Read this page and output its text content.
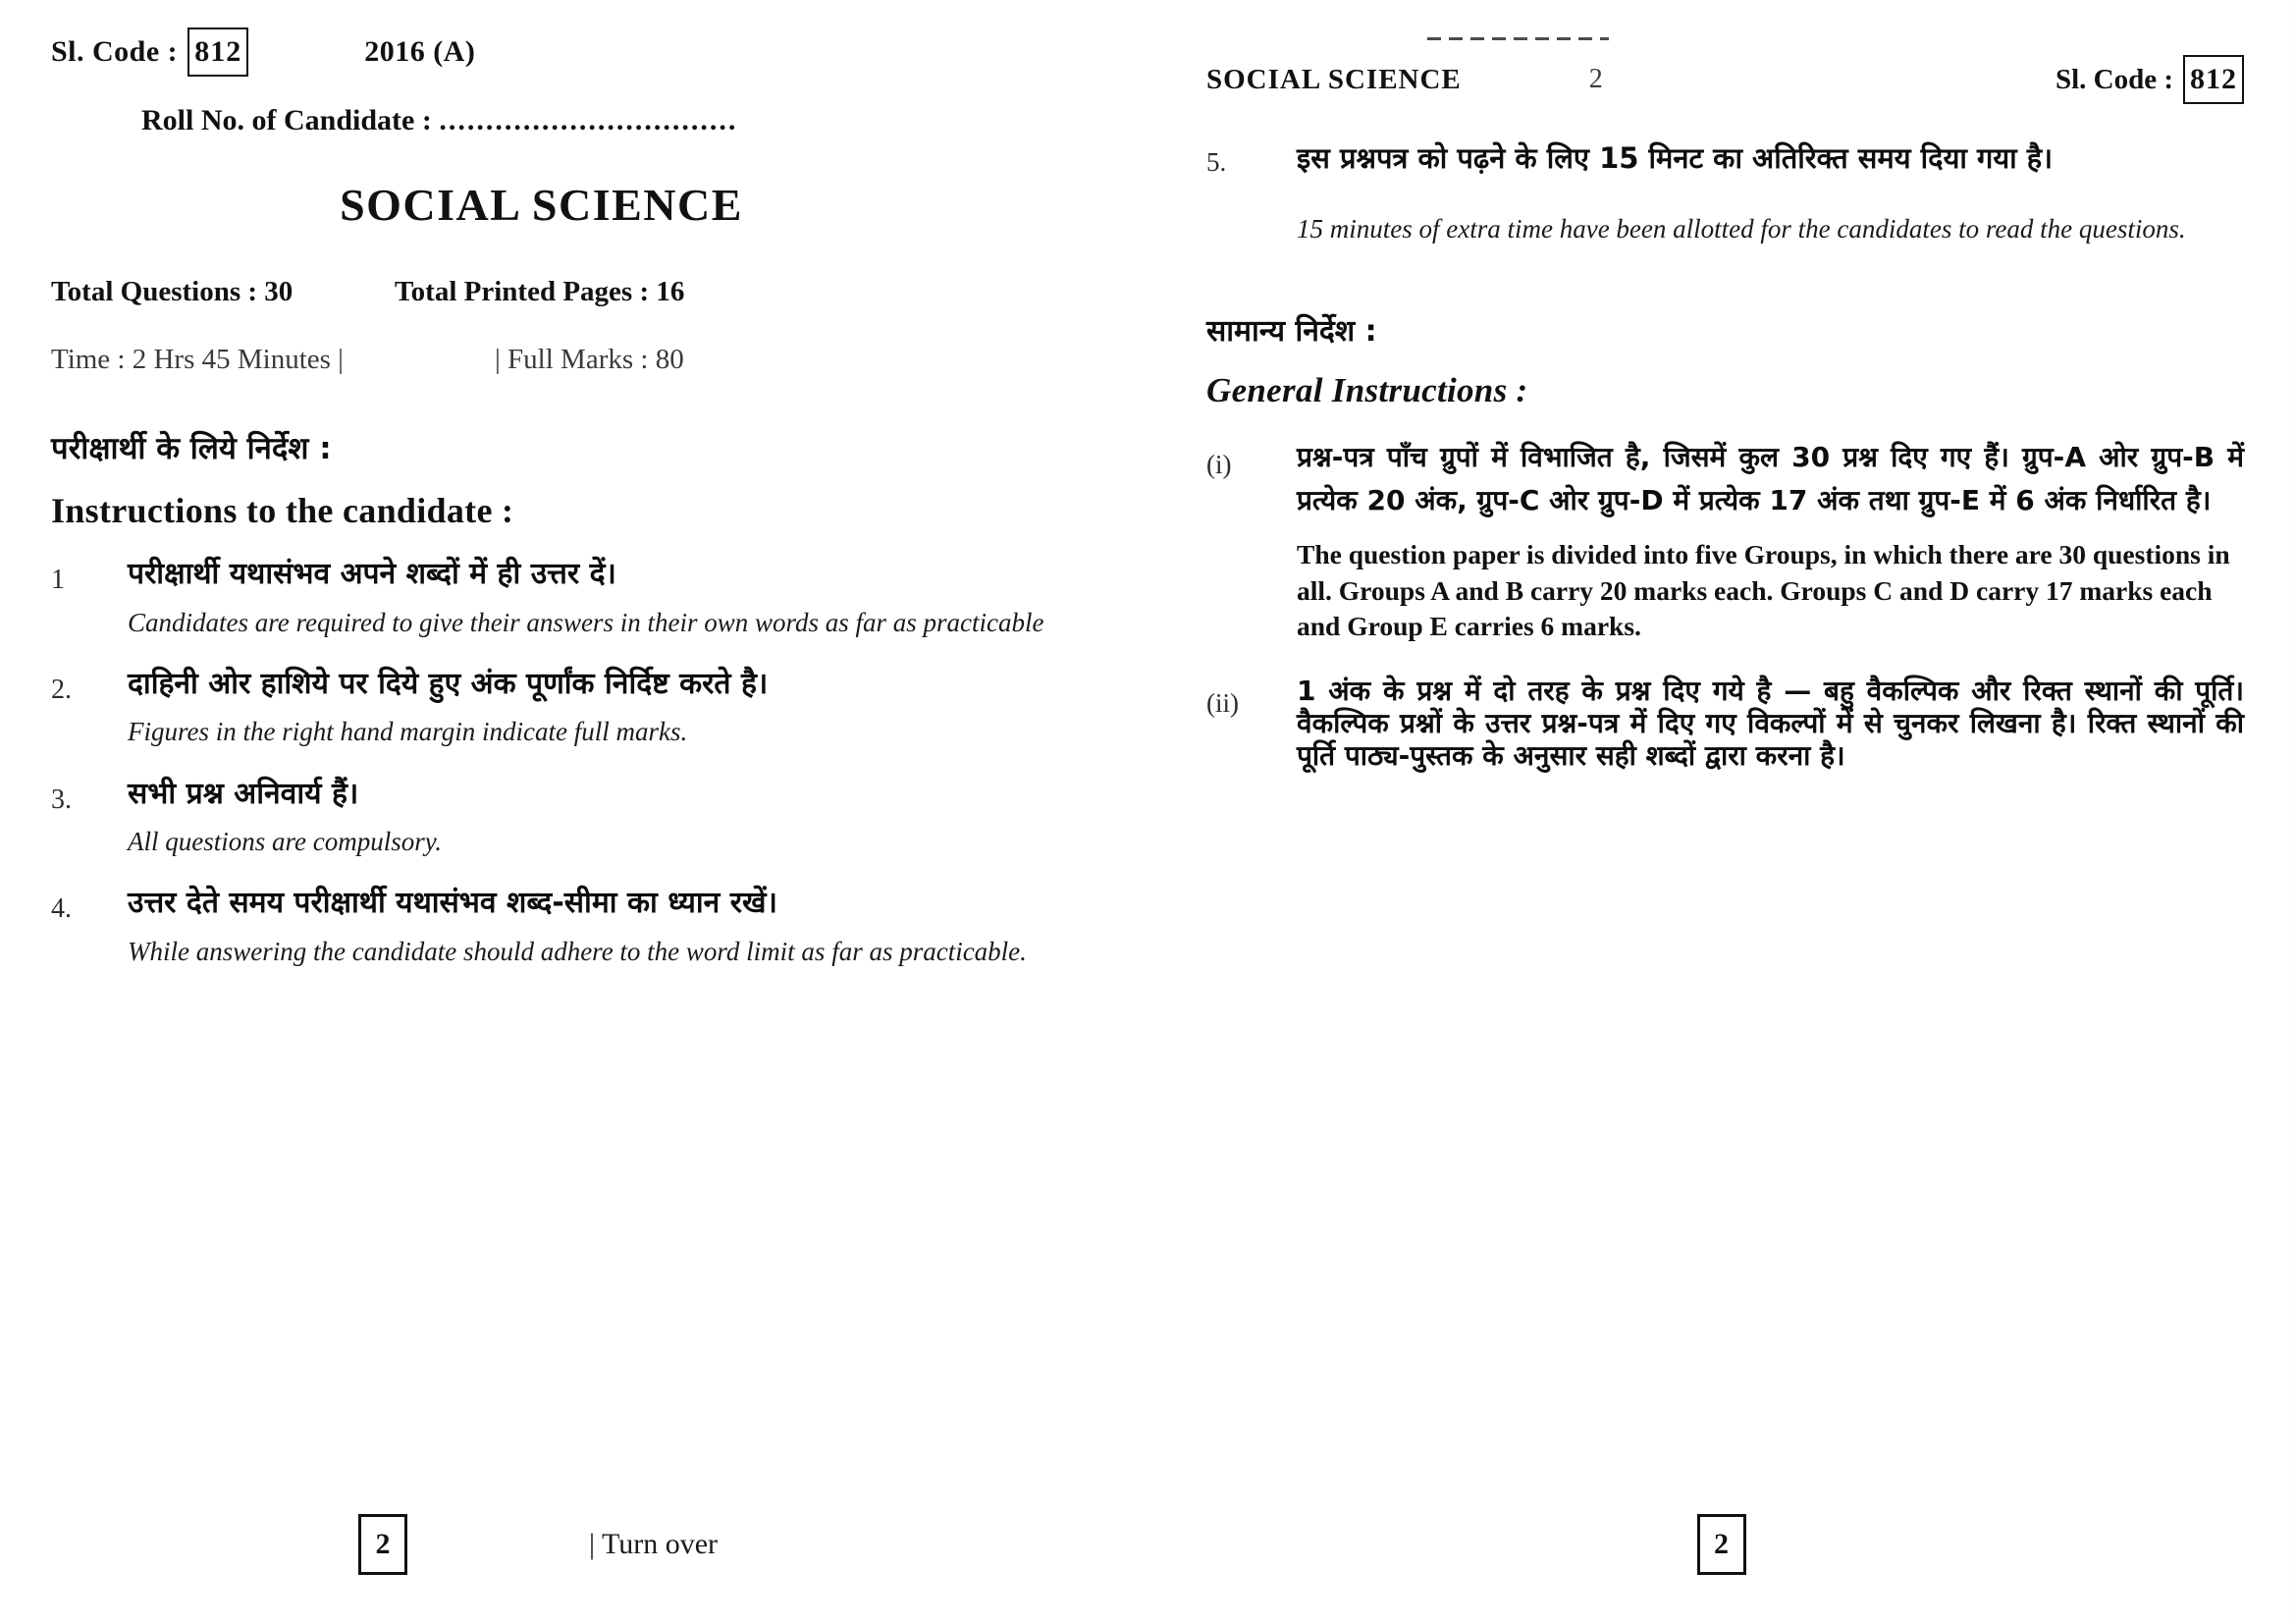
Sl. Code : 812	2016 (A)
Roll No. of Candidate : ................................
SOCIAL SCIENCE
Total Questions : 30	Total Printed Pages : 16
Time : 2 Hrs 45 Minutes |	| Full Marks : 80
परीक्षार्थी के लिये निर्देश :
Instructions to the candidate :
1	परीक्षार्थी यथासंभव अपने शब्दों में ही उत्तर दें।
Candidates are required to give their answers in their own words as far as practicable
2.	दाहिनी ओर हाशिये पर दिये हुए अंक पूर्णांक निर्दिष्ट करते है।
Figures in the right hand margin indicate full marks.
3.	सभी प्रश्न अनिवार्य हैं।
All questions are compulsory.
4.	उत्तर देते समय परीक्षार्थी यथासंभव शब्द-सीमा का ध्यान रखें।
While answering the candidate should adhere to the word limit as far as practicable.
2	| Turn over
SOCIAL SCIENCE	2	Sl. Code : 812
5.	इस प्रश्नपत्र को पढ़ने के लिए 15 मिनट का अतिरिक्त समय दिया गया है।
15 minutes of extra time have been allotted for the candidates to read the questions.
सामान्य निर्देश :
General Instructions :
(i)	प्रश्न-पत्र पाँच ग्रुपों में विभाजित है, जिसमें कुल 30 प्रश्न दिए गए हैं। ग्रुप-A ओर ग्रुप-B में प्रत्येक 20 अंक, ग्रुप-C ओर ग्रुप-D में प्रत्येक 17 अंक तथा ग्रुप-E में 6 अंक निर्धारित है।
The question paper is divided into five Groups, in which there are 30 questions in all. Groups A and B carry 20 marks each. Groups C and D carry 17 marks each and Group E carries 6 marks.
(ii)	1 अंक के प्रश्न में दो तरह के प्रश्न दिए गये है — बहु वैकल्पिक और रिक्त स्थानों की पूर्ति। वैकल्पिक प्रश्नों के उत्तर प्रश्न-पत्र में दिए गए विकल्पों में से चुनकर लिखना है। रिक्त स्थानों की पूर्ति पाठ्य-पुस्तक के अनुसार सही शब्दों द्वारा करना है।
2
